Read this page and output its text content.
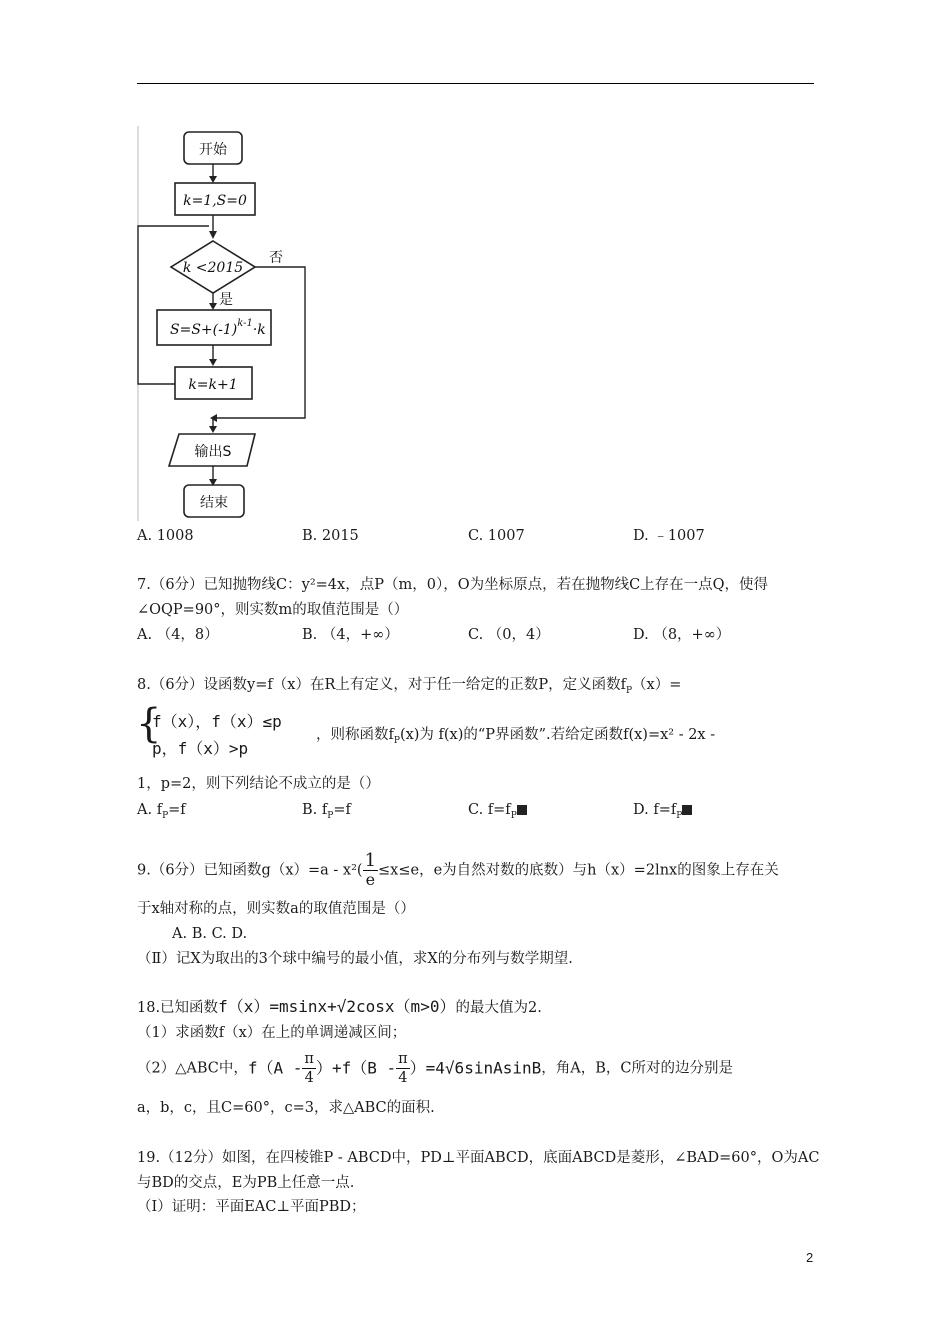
开始
k=1,S=0
k <2015
否
是
$S=S+(-1)^{k-1}\cdot k$
k=k+1
输出S
结束
A. 1008	B. 2015	C. 1007	D. ﹣1007
7.（6分）已知抛物线C：y²=4x，点P（m，0），O为坐标原点，若在抛物线C上存在一点Q，使得
∠OQP=90°，则实数m的取值范围是（）
A. （4，8）	B. （4，+∞）	C. （0，4）	D. （8，+∞）
8.（6分）设函数y=f（x）在R上有定义，对于任一给定的正数P，定义函数$f_P(x)=$
{
f（x），f（x）≤p
p，f（x）>p
，则称函数$f_P(x)$为 f(x)的“P界函数”.若给定函数f(x)=x² - 2x -
1，p=2，则下列结论不成立的是（）
A. $f_P=f$	B. $f_P=f$	C. $f=f_P$	D. $f=f_P$
9.（6分）已知函数$g(x)=a - x^2( \frac{1}{e} \le x\le e$，e为自然对数的底数）与h（x）=2lnx的图象上存在关
于x轴对称的点，则实数a的取值范围是（）
A. B. C. D.
（Ⅱ）记X为取出的3个球中编号的最小值，求X的分布列与数学期望.
18.已知函数f（x）=msinx+√2cosx（m>0）的最大值为2.
（1）求函数f（x）在上的单调递减区间；
（2）△ABC中，$f(A - \frac{\pi}{4} )+f(B - \frac{\pi}{4}$ ）=4√6sinAsinB，角A，B，C所对的边分别是
a，b，c，且C=60°，c=3，求△ABC的面积.
19.（12分）如图，在四棱锥P - ABCD中，PD⊥平面ABCD，底面ABCD是菱形，∠BAD=60°，O为AC
与BD的交点，E为PB上任意一点.
（I）证明：平面EAC⊥平面PBD；
2
